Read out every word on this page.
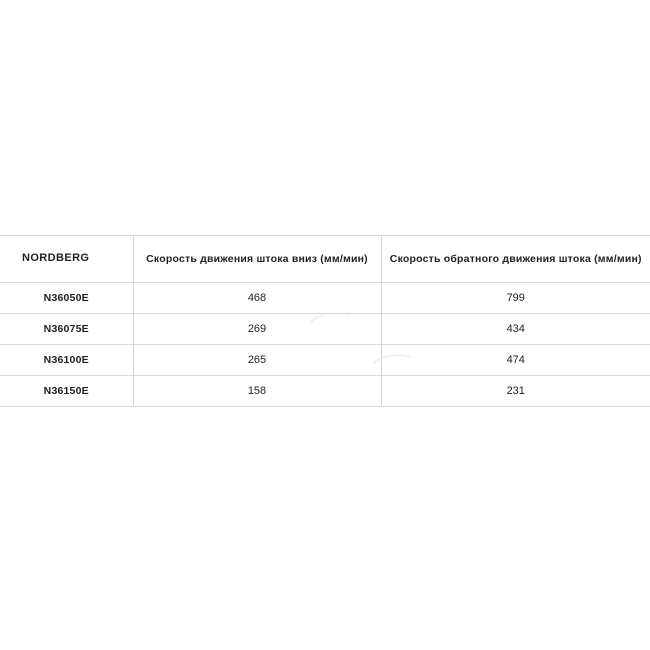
NORDBERG	Скорость движения штока вниз (мм/мин)	Скорость обратного движения штока (мм/мин)
N36050E	468	799
N36075E	269	434
N36100E	265	474
N36150E	158	231
